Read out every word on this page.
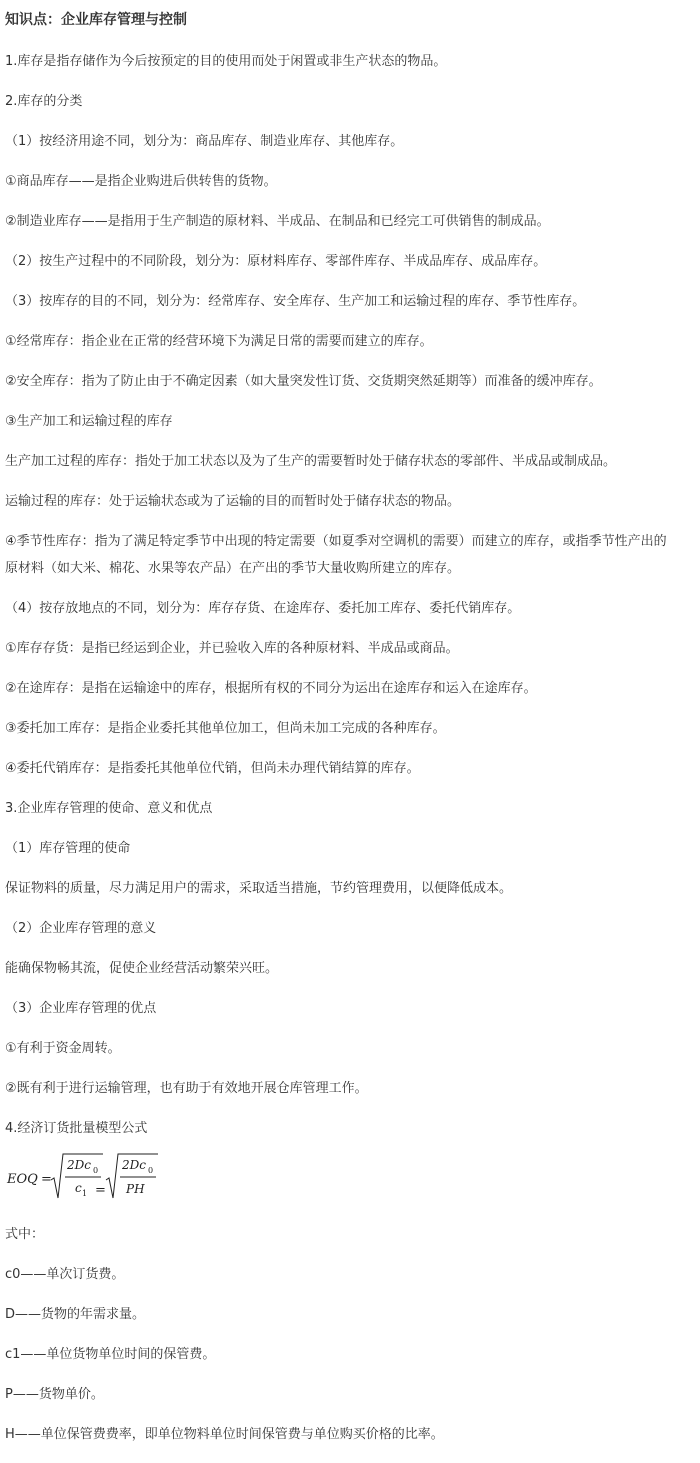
知识点：企业库存管理与控制
1.库存是指存储作为今后按预定的目的使用而处于闲置或非生产状态的物品。
2.库存的分类
（1）按经济用途不同，划分为：商品库存、制造业库存、其他库存。
①商品库存——是指企业购进后供转售的货物。
②制造业库存——是指用于生产制造的原材料、半成品、在制品和已经完工可供销售的制成品。
（2）按生产过程中的不同阶段，划分为：原材料库存、零部件库存、半成品库存、成品库存。
（3）按库存的目的不同，划分为：经常库存、安全库存、生产加工和运输过程的库存、季节性库存。
①经常库存：指企业在正常的经营环境下为满足日常的需要而建立的库存。
②安全库存：指为了防止由于不确定因素（如大量突发性订货、交货期突然延期等）而准备的缓冲库存。
③生产加工和运输过程的库存
生产加工过程的库存：指处于加工状态以及为了生产的需要暂时处于储存状态的零部件、半成品或制成品。
运输过程的库存：处于运输状态或为了运输的目的而暂时处于储存状态的物品。
④季节性库存：指为了满足特定季节中出现的特定需要（如夏季对空调机的需要）而建立的库存，或指季节性产出的
原材料（如大米、棉花、水果等农产品）在产出的季节大量收购所建立的库存。
（4）按存放地点的不同，划分为：库存存货、在途库存、委托加工库存、委托代销库存。
①库存存货：是指已经运到企业，并已验收入库的各种原材料、半成品或商品。
②在途库存：是指在运输途中的库存，根据所有权的不同分为运出在途库存和运入在途库存。
③委托加工库存：是指企业委托其他单位加工，但尚未加工完成的各种库存。
④委托代销库存：是指委托其他单位代销，但尚未办理代销结算的库存。
3.企业库存管理的使命、意义和优点
（1）库存管理的使命
保证物料的质量，尽力满足用户的需求，采取适当措施，节约管理费用，以便降低成本。
（2）企业库存管理的意义
能确保物畅其流，促使企业经营活动繁荣兴旺。
（3）企业库存管理的优点
①有利于资金周转。
②既有利于进行运输管理，也有助于有效地开展仓库管理工作。
4.经济订货批量模型公式
EOQ =
2Dc 0
c 1 =
2Dc 0
PH
式中：
c0——单次订货费。
D——货物的年需求量。
c1——单位货物单位时间的保管费。
P——货物单价。
H——单位保管费费率，即单位物料单位时间保管费与单位购买价格的比率。
